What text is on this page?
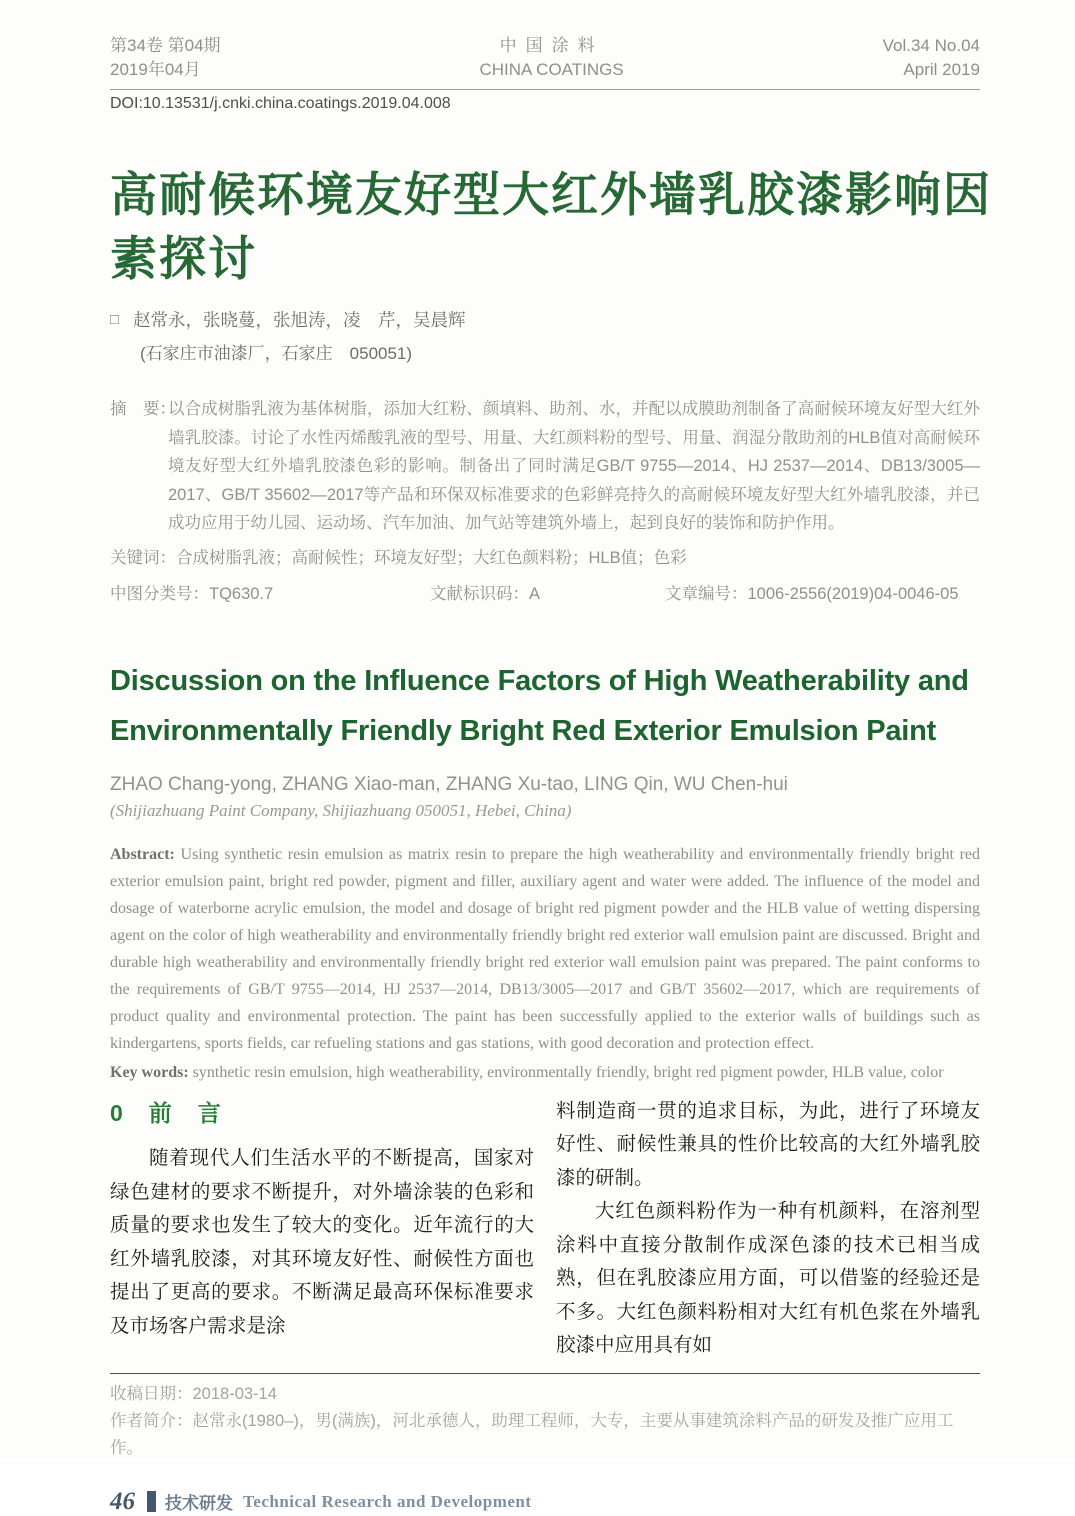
第34卷 第04期
2019年04月
中国涂料
CHINA COATINGS
Vol.34 No.04
April 2019
DOI:10.13531/j.cnki.china.coatings.2019.04.008
高耐候环境友好型大红外墙乳胶漆影响因素探讨
□ 赵常永，张晓蔓，张旭涛，凌　芹，吴晨辉
(石家庄市油漆厂，石家庄　050051)
摘　要：
以合成树脂乳液为基体树脂，添加大红粉、颜填料、助剂、水，并配以成膜助剂制备了高耐候环境友好型大红外墙乳胶漆。讨论了水性丙烯酸乳液的型号、用量、大红颜料粉的型号、用量、润湿分散助剂的HLB值对高耐候环境友好型大红外墙乳胶漆色彩的影响。制备出了同时满足GB/T 9755—2014、HJ 2537—2014、DB13/3005—2017、GB/T 35602—2017等产品和环保双标准要求的色彩鲜亮持久的高耐候环境友好型大红外墙乳胶漆，并已成功应用于幼儿园、运动场、汽车加油、加气站等建筑外墙上，起到良好的装饰和防护作用。
关键词：合成树脂乳液；高耐候性；环境友好型；大红色颜料粉；HLB值；色彩
中图分类号：TQ630.7	文献标识码：A	文章编号：1006-2556(2019)04-0046-05
Discussion on the Influence Factors of High Weatherability and Environmentally Friendly Bright Red Exterior Emulsion Paint
ZHAO Chang-yong, ZHANG Xiao-man, ZHANG Xu-tao, LING Qin, WU Chen-hui
(Shijiazhuang Paint Company, Shijiazhuang 050051, Hebei, China)
Abstract: Using synthetic resin emulsion as matrix resin to prepare the high weatherability and environmentally friendly bright red exterior emulsion paint, bright red powder, pigment and filler, auxiliary agent and water were added. The influence of the model and dosage of waterborne acrylic emulsion, the model and dosage of bright red pigment powder and the HLB value of wetting dispersing agent on the color of high weatherability and environmentally friendly bright red exterior wall emulsion paint are discussed. Bright and durable high weatherability and environmentally friendly bright red exterior wall emulsion paint was prepared. The paint conforms to the requirements of GB/T 9755—2014, HJ 2537—2014, DB13/3005—2017 and GB/T 35602—2017, which are requirements of product quality and environmental protection. The paint has been successfully applied to the exterior walls of buildings such as kindergartens, sports fields, car refueling stations and gas stations, with good decoration and protection effect.
Key words: synthetic resin emulsion, high weatherability, environmentally friendly, bright red pigment powder, HLB value, color
0 前言
随着现代人们生活水平的不断提高，国家对绿色建材的要求不断提升，对外墙涂装的色彩和质量的要求也发生了较大的变化。近年流行的大红外墙乳胶漆，对其环境友好性、耐候性方面也提出了更高的要求。不断满足最高环保标准要求及市场客户需求是涂
料制造商一贯的追求目标，为此，进行了环境友好性、耐候性兼具的性价比较高的大红外墙乳胶漆的研制。
大红色颜料粉作为一种有机颜料，在溶剂型涂料中直接分散制作成深色漆的技术已相当成熟，但在乳胶漆应用方面，可以借鉴的经验还是不多。大红色颜料粉相对大红有机色浆在外墙乳胶漆中应用具有如
收稿日期：2018-03-14
作者简介：赵常永(1980–)，男(满族)，河北承德人，助理工程师，大专，主要从事建筑涂料产品的研发及推广应用工作。
46 技术研发 Technical Research and Development
